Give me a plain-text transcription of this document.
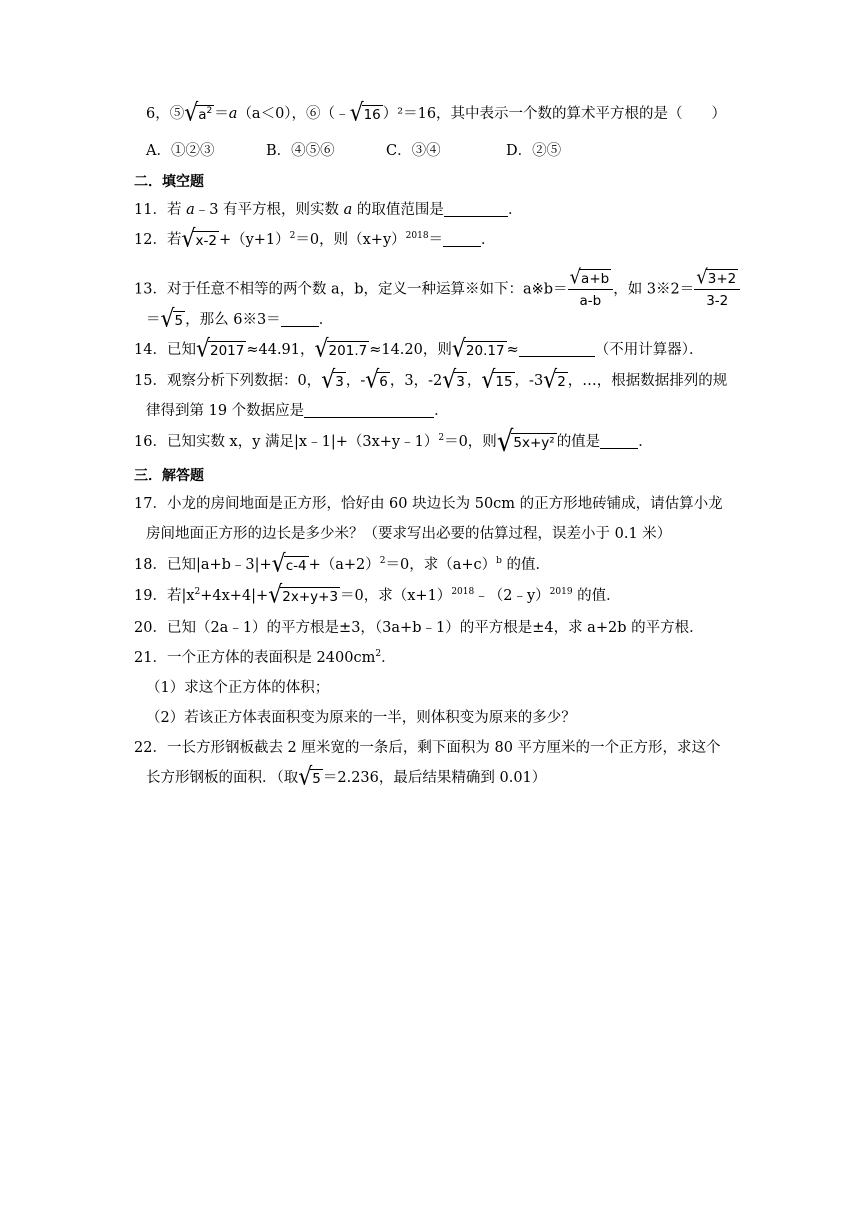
6，$⑤√a^2 =a(a<0)$，⑥（﹣√16 ）²＝16，其中表示一个数的算术平方根的是（　　）
A．①②③	B．④⑤⑥	C．③④	D．②⑤
二．填空题
11．若 a﹣3 有平方根，则实数 a 的取值范围是	．
12．若$√x-2 +(y+1)^2=0$，则$(x+y)^{2018}=$	．
13．对于任意不相等的两个数 a，b，定义一种运算※如下：a※b＝ $\frac{√a+b}{a-b}$ ，如 3※2＝ $\frac{√3+2}{3-2}$
＝√5 ，那么 6※3＝	．
14．已知√2017 ≈44.91，√201.7 ≈14.20，则√20.17 ≈	（不用计算器）．
15．观察分析下列数据：0，√3 ，-√6 ，3，-2√3 ，√15 ，-3√2 ，…，根据数据排列的规
律得到第 19 个数据应是	．
16．已知实数 x，y 满足|x﹣1|+（3x+y﹣1）$^2$＝0，则√5x+y² 的值是	．
三．解答题
17．小龙的房间地面是正方形，恰好由 60 块边长为 50cm 的正方形地砖铺成，请估算小龙
房间地面正方形的边长是多少米？（要求写出必要的估算过程，误差小于 0.1 米）
18．已知|a+b﹣3|+√c-4 $+(a+2)^2=0$，求$(a+c)^b$ 的值．
19．若$|x^2+4x+4|+√2x+y+3 =0$，求$(x+1)^{2018}﹣(2﹣y)^{2019}$ 的值．
20．已知（2a﹣1）的平方根是±3，（3a+b﹣1）的平方根是±4，求 a+2b 的平方根．
21．一个正方体的表面积是 $2400cm^2$．
（1）求这个正方体的体积；
（2）若该正方体表面积变为原来的一半，则体积变为原来的多少？
22．一长方形钢板截去 2 厘米宽的一条后，剩下面积为 80 平方厘米的一个正方形，求这个
长方形钢板的面积．（取√5 ＝2.236，最后结果精确到 0.01）
